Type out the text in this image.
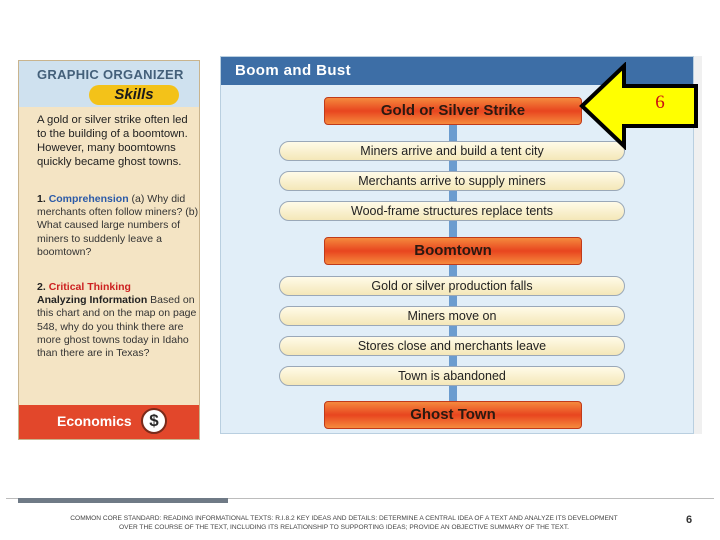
GRAPHIC ORGANIZER
Skills
A gold or silver strike often led to the building of a boomtown. However, many boomtowns quickly became ghost towns.
1. Comprehension (a) Why did merchants often follow miners? (b) What caused large numbers of miners to suddenly leave a boomtown?
2. Critical Thinking
Analyzing Information Based on this chart and on the map on page 548, why do you think there are more ghost towns today in Idaho than there are in Texas?
Economics	$
Boom and Bust
Gold or Silver Strike
Miners arrive and build a tent city
Merchants arrive to supply miners
Wood-frame structures replace tents
Boomtown
Gold or silver production falls
Miners move on
Stores close and merchants leave
Town is abandoned
Ghost Town
6
COMMON CORE STANDARD: READING INFORMATIONAL TEXTS: R.I.8.2 KEY IDEAS AND DETAILS: DETERMINE A CENTRAL IDEA OF A TEXT AND ANALYZE ITS DEVELOPMENT
OVER THE COURSE OF THE TEXT, INCLUDING ITS RELATIONSHIP TO SUPPORTING IDEAS; PROVIDE AN OBJECTIVE SUMMARY OF THE TEXT.
6
